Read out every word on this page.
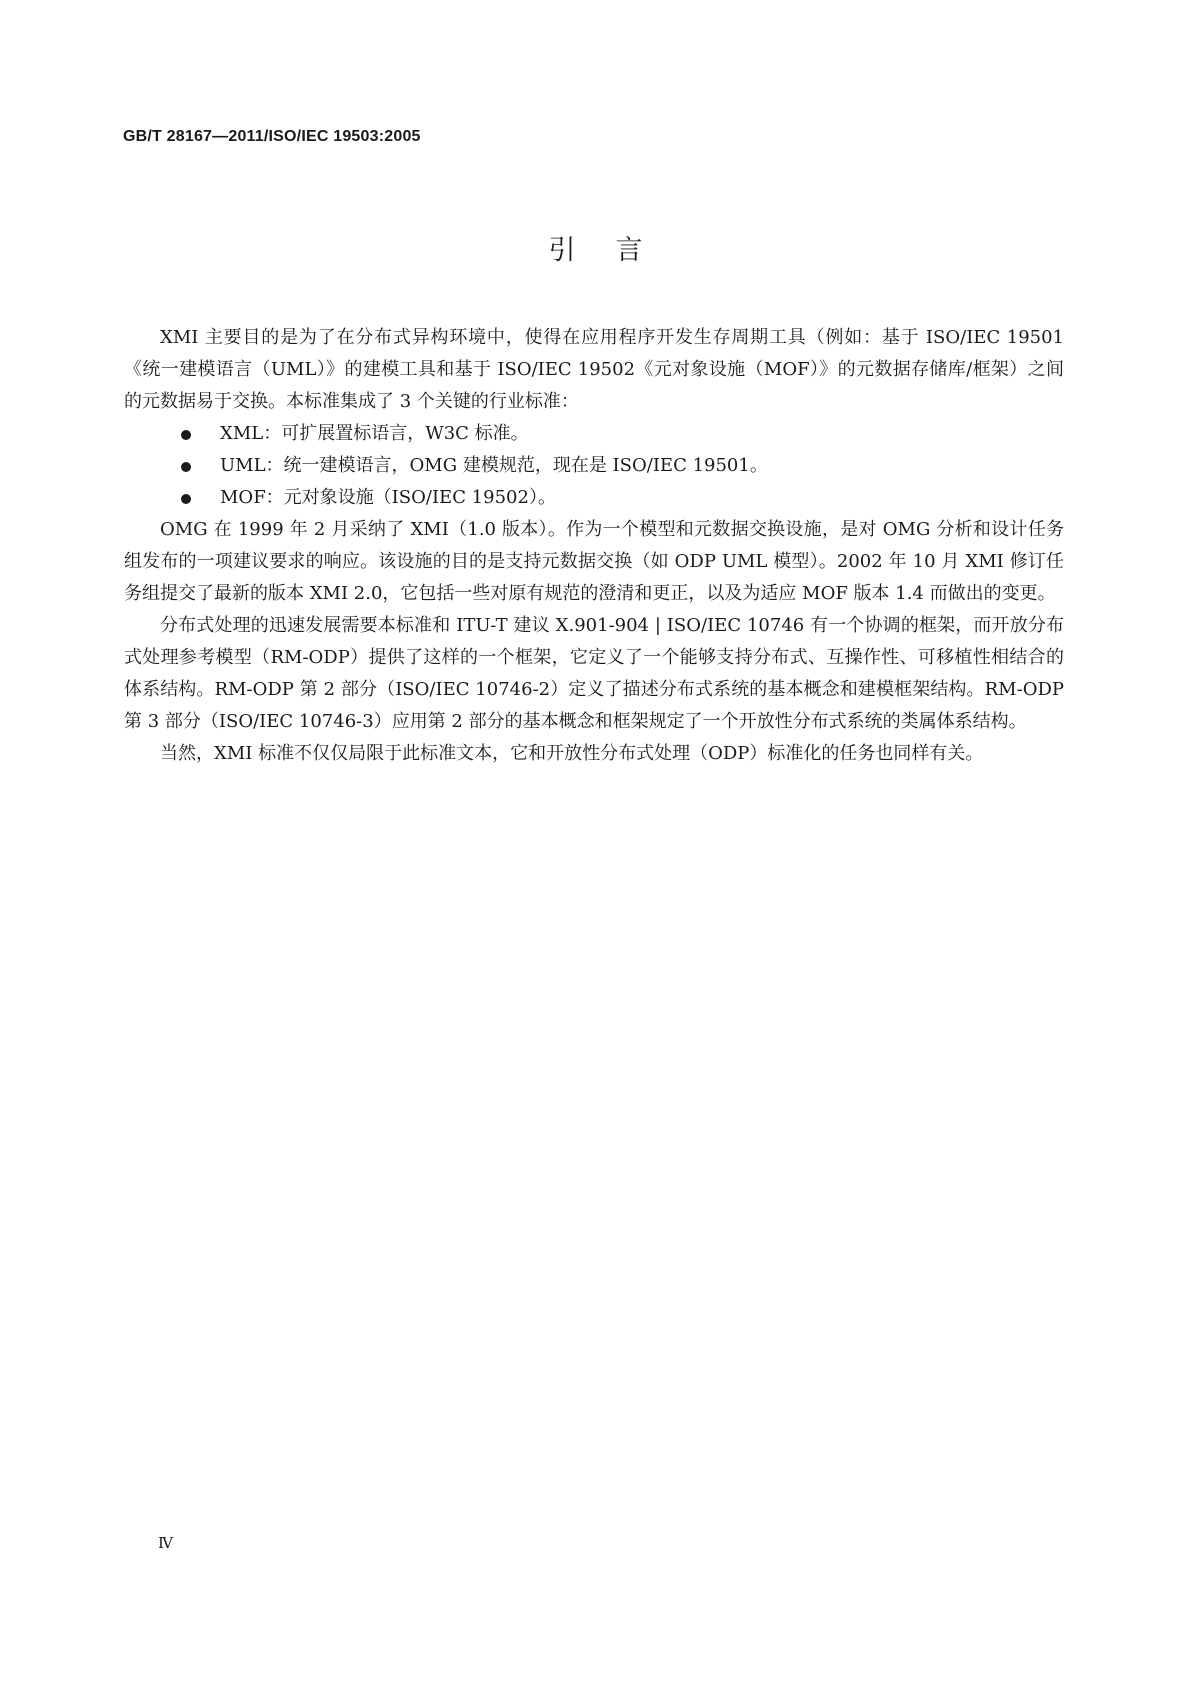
GB/T 28167—2011/ISO/IEC 19503:2005
引言

XMI 主要目的是为了在分布式异构环境中，使得在应用程序开发生存周期工具（例如：基于 ISO/IEC 19501《统一建模语言（UML）》的建模工具和基于 ISO/IEC 19502《元对象设施（MOF）》的元数据存储库/框架）之间的元数据易于交换。本标准集成了 3 个关键的行业标准：

XML：可扩展置标语言，W3C 标准。
UML：统一建模语言，OMG 建模规范，现在是 ISO/IEC 19501。
MOF：元对象设施（ISO/IEC 19502）。

OMG 在 1999 年 2 月采纳了 XMI（1.0 版本）。作为一个模型和元数据交换设施，是对 OMG 分析和设计任务组发布的一项建议要求的响应。该设施的目的是支持元数据交换（如 ODP UML 模型）。2002 年 10 月 XMI 修订任务组提交了最新的版本 XMI 2.0，它包括一些对原有规范的澄清和更正，以及为适应 MOF 版本 1.4 而做出的变更。

分布式处理的迅速发展需要本标准和 ITU-T 建议 X.901-904 | ISO/IEC 10746 有一个协调的框架，而开放分布式处理参考模型（RM-ODP）提供了这样的一个框架，它定义了一个能够支持分布式、互操作性、可移植性相结合的体系结构。RM-ODP 第 2 部分（ISO/IEC 10746-2）定义了描述分布式系统的基本概念和建模框架结构。RM-ODP 第 3 部分（ISO/IEC 10746-3）应用第 2 部分的基本概念和框架规定了一个开放性分布式系统的类属体系结构。

当然，XMI 标准不仅仅局限于此标准文本，它和开放性分布式处理（ODP）标准化的任务也同样有关。

Ⅳ
